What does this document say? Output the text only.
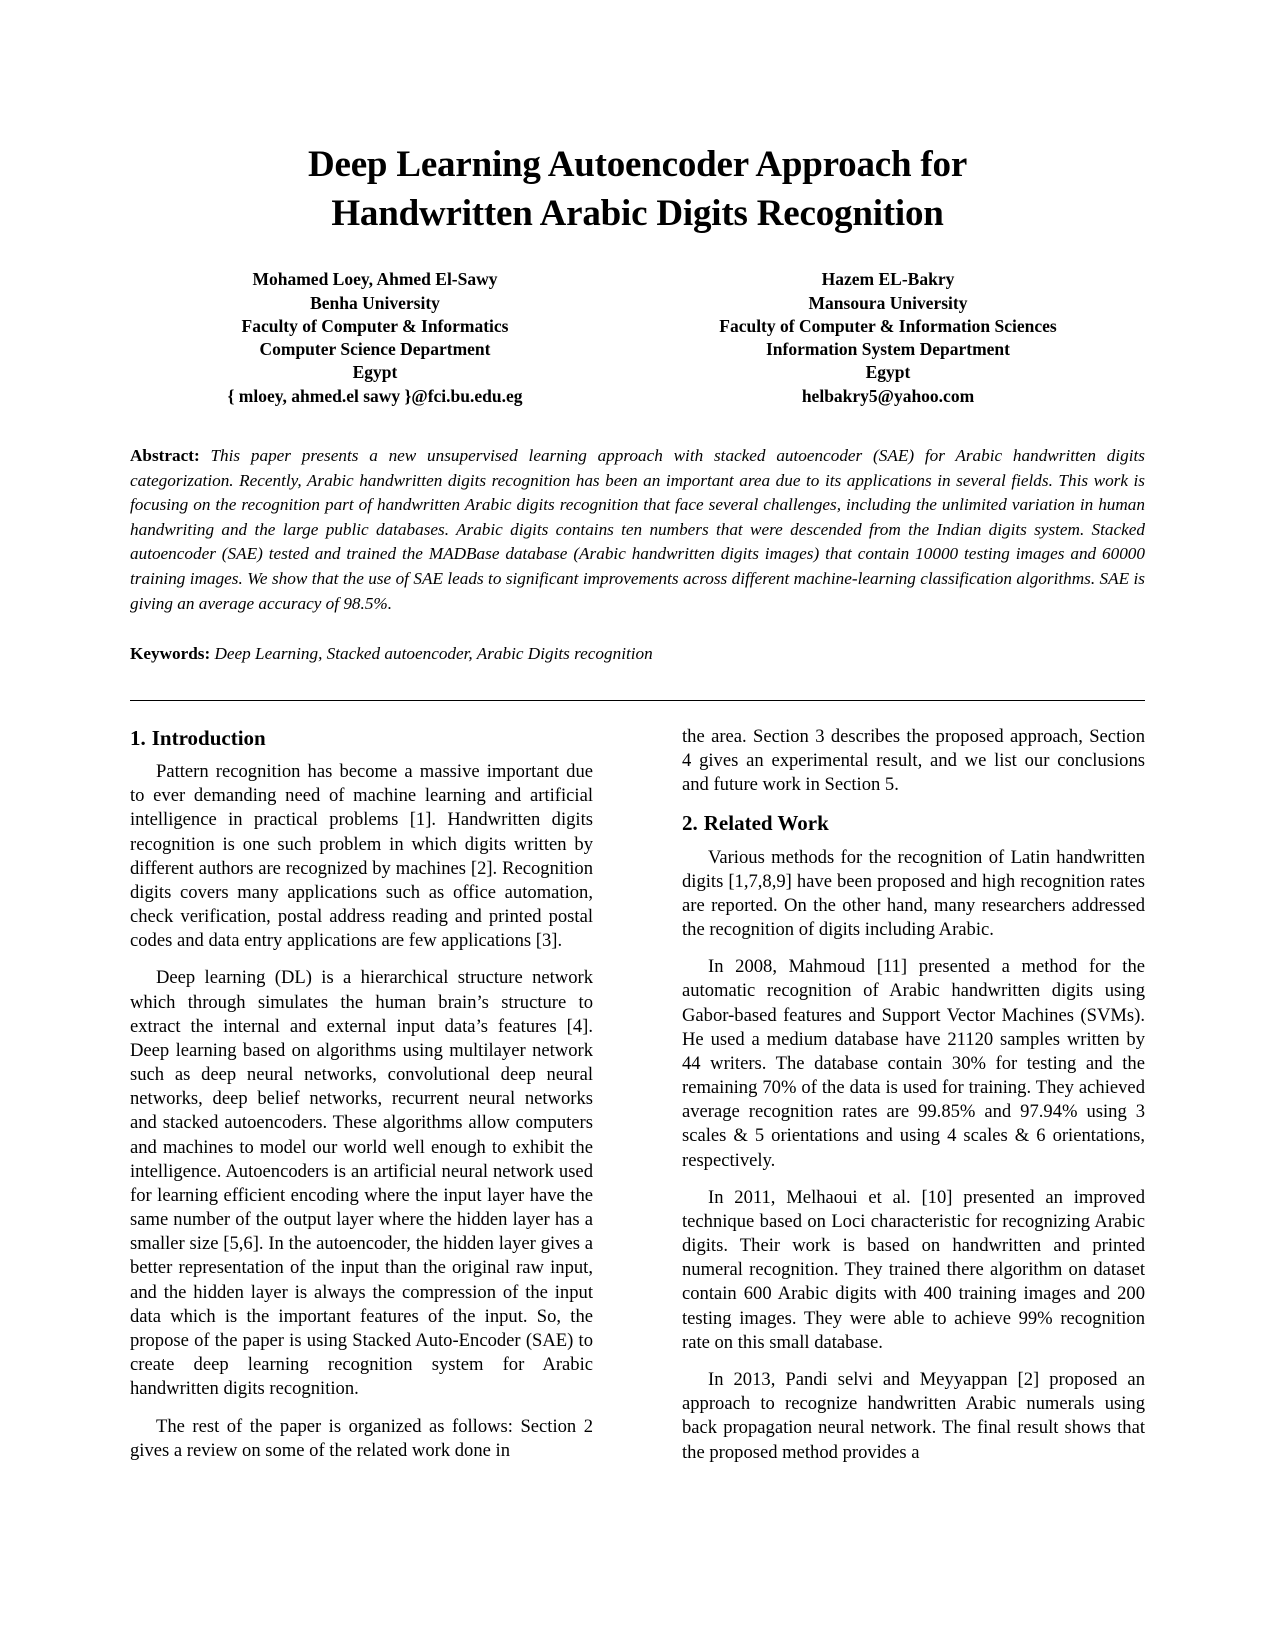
Deep Learning Autoencoder Approach for
Handwritten Arabic Digits Recognition
Mohamed Loey, Ahmed El-Sawy
Benha University
Faculty of Computer & Informatics
Computer Science Department
Egypt
{ mloey, ahmed.el sawy }@fci.bu.edu.eg
Hazem EL-Bakry
Mansoura University
Faculty of Computer & Information Sciences
Information System Department
Egypt
helbakry5@yahoo.com
Abstract: This paper presents a new unsupervised learning approach with stacked autoencoder (SAE) for Arabic handwritten digits categorization. Recently, Arabic handwritten digits recognition has been an important area due to its applications in several fields. This work is focusing on the recognition part of handwritten Arabic digits recognition that face several challenges, including the unlimited variation in human handwriting and the large public databases. Arabic digits contains ten numbers that were descended from the Indian digits system. Stacked autoencoder (SAE) tested and trained the MADBase database (Arabic handwritten digits images) that contain 10000 testing images and 60000 training images. We show that the use of SAE leads to significant improvements across different machine-learning classification algorithms. SAE is giving an average accuracy of 98.5%.
Keywords: Deep Learning, Stacked autoencoder, Arabic Digits recognition
1. Introduction

Pattern recognition has become a massive important due to ever demanding need of machine learning and artificial intelligence in practical problems [1]. Handwritten digits recognition is one such problem in which digits written by different authors are recognized by machines [2]. Recognition digits covers many applications such as office automation, check verification, postal address reading and printed postal codes and data entry applications are few applications [3].

Deep learning (DL) is a hierarchical structure network which through simulates the human brain’s structure to extract the internal and external input data’s features [4]. Deep learning based on algorithms using multilayer network such as deep neural networks, convolutional deep neural networks, deep belief networks, recurrent neural networks and stacked autoencoders. These algorithms allow computers and machines to model our world well enough to exhibit the intelligence. Autoencoders is an artificial neural network used for learning efficient encoding where the input layer have the same number of the output layer where the hidden layer has a smaller size [5,6]. In the autoencoder, the hidden layer gives a better representation of the input than the original raw input, and the hidden layer is always the compression of the input data which is the important features of the input. So, the propose of the paper is using Stacked Auto-Encoder (SAE) to create deep learning recognition system for Arabic handwritten digits recognition.

The rest of the paper is organized as follows: Section 2 gives a review on some of the related work done in

the area. Section 3 describes the proposed approach, Section 4 gives an experimental result, and we list our conclusions and future work in Section 5.

2. Related Work

Various methods for the recognition of Latin handwritten digits [1,7,8,9] have been proposed and high recognition rates are reported. On the other hand, many researchers addressed the recognition of digits including Arabic.

In 2008, Mahmoud [11] presented a method for the automatic recognition of Arabic handwritten digits using Gabor-based features and Support Vector Machines (SVMs). He used a medium database have 21120 samples written by 44 writers. The database contain 30% for testing and the remaining 70% of the data is used for training. They achieved average recognition rates are 99.85% and 97.94% using 3 scales & 5 orientations and using 4 scales & 6 orientations, respectively.

In 2011, Melhaoui et al. [10] presented an improved technique based on Loci characteristic for recognizing Arabic digits. Their work is based on handwritten and printed numeral recognition. They trained there algorithm on dataset contain 600 Arabic digits with 400 training images and 200 testing images. They were able to achieve 99% recognition rate on this small database.

In 2013, Pandi selvi and Meyyappan [2] proposed an approach to recognize handwritten Arabic numerals using back propagation neural network. The final result shows that the proposed method provides a
